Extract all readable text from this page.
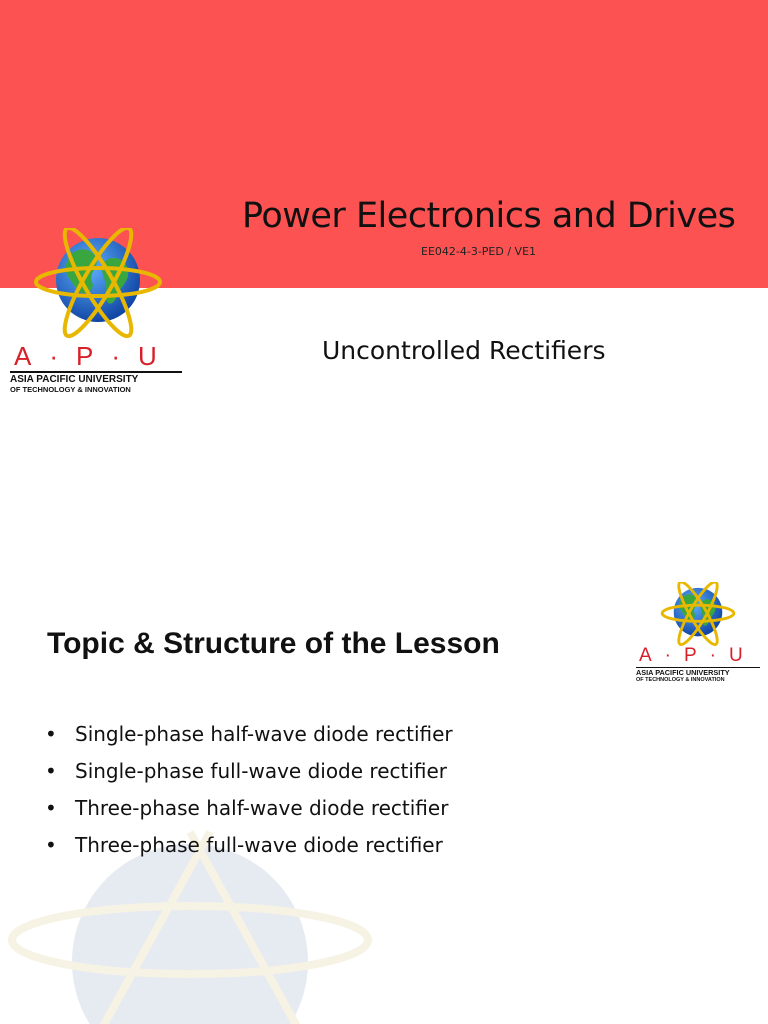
Power Electronics and Drives
EE042-4-3-PED / VE1
Uncontrolled Rectifiers
A·P·U
ASIA PACIFIC UNIVERSITY
OF TECHNOLOGY & INNOVATION
Topic & Structure of the Lesson
• Single-phase half-wave diode rectifier
• Single-phase full-wave diode rectifier
• Three-phase half-wave diode rectifier
• Three-phase full-wave diode rectifier
A·P·U
ASIA PACIFIC UNIVERSITY
OF TECHNOLOGY & INNOVATION
